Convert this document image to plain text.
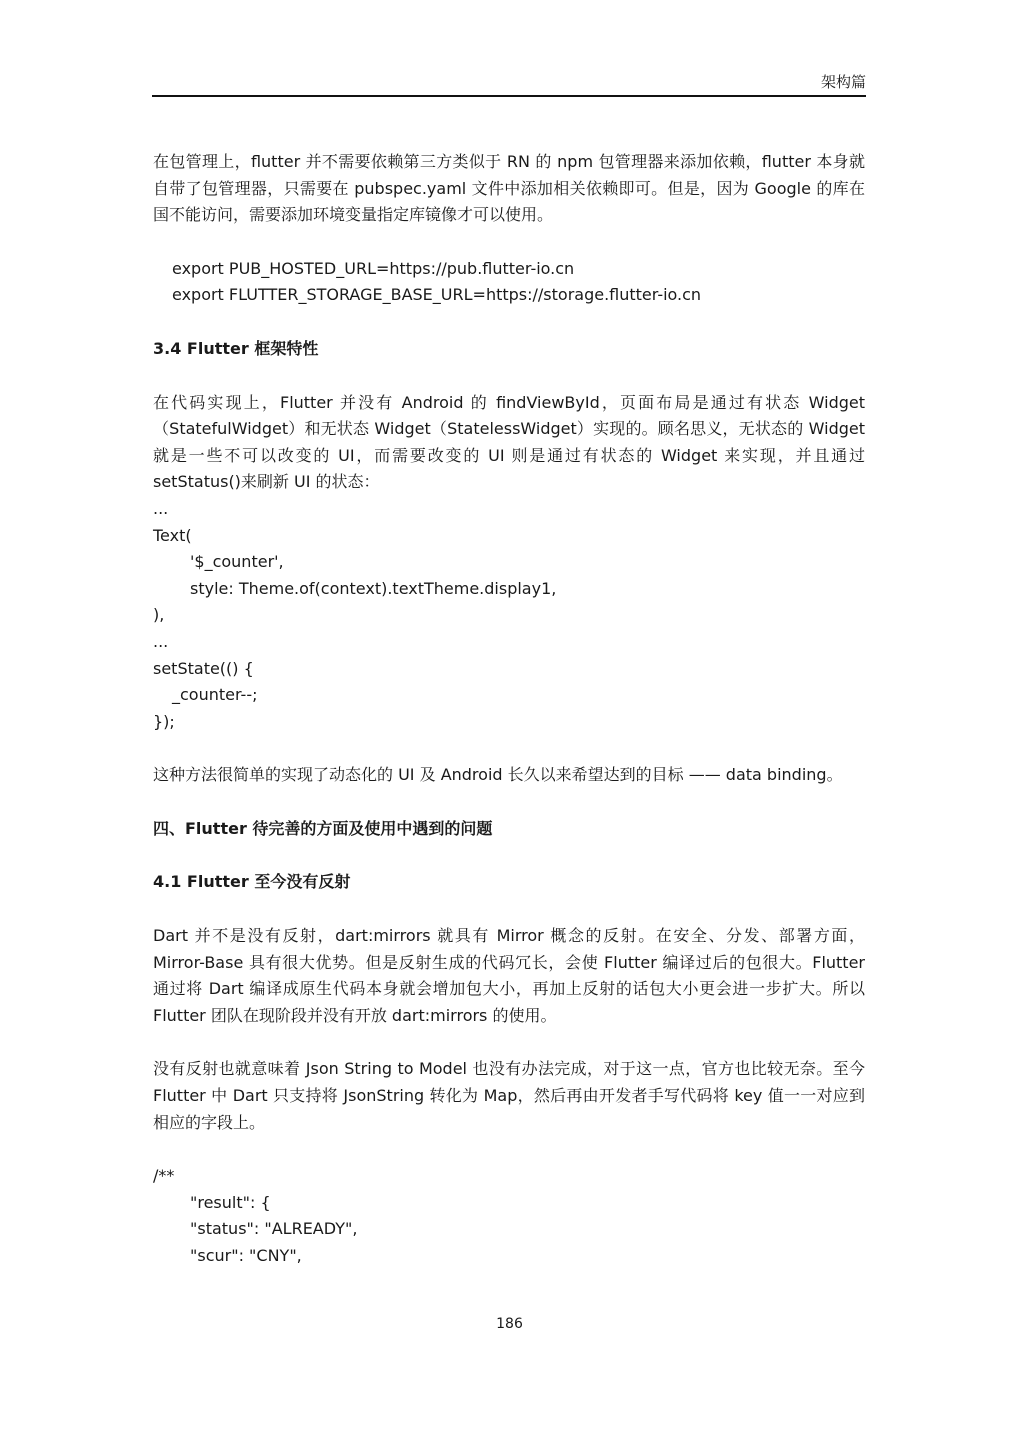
架构篇

在包管理上，flutter 并不需要依赖第三方类似于 RN 的 npm 包管理器来添加依赖，flutter 本身就自带了包管理器，只需要在 pubspec.yaml 文件中添加相关依赖即可。但是，因为 Google 的库在国不能访问，需要添加环境变量指定库镜像才可以使用。

export PUB_HOSTED_URL=https://pub.flutter-io.cn

export FLUTTER_STORAGE_BASE_URL=https://storage.flutter-io.cn

3.4 Flutter 框架特性

在代码实现上，Flutter 并没有 Android 的 findViewById，页面布局是通过有状态 Widget（StatefulWidget）和无状态 Widget（StatelessWidget）实现的。顾名思义，无状态的 Widget 就是一些不可以改变的 UI，而需要改变的 UI 则是通过有状态的 Widget 来实现，并且通过 setStatus()来刷新 UI 的状态：

...

Text(

'$_counter',

style: Theme.of(context).textTheme.display1,

),

...

setState(() {

_counter--;

});

这种方法很简单的实现了动态化的 UI 及 Android 长久以来希望达到的目标 —— data binding。

四、Flutter 待完善的方面及使用中遇到的问题

4.1 Flutter 至今没有反射

Dart 并不是没有反射，dart:mirrors 就具有 Mirror 概念的反射。在安全、分发、部署方面，Mirror-Base 具有很大优势。但是反射生成的代码冗长，会使 Flutter 编译过后的包很大。Flutter 通过将 Dart 编译成原生代码本身就会增加包大小，再加上反射的话包大小更会进一步扩大。所以 Flutter 团队在现阶段并没有开放 dart:mirrors 的使用。

没有反射也就意味着 Json String to Model 也没有办法完成，对于这一点，官方也比较无奈。至今 Flutter 中 Dart 只支持将 JsonString 转化为 Map，然后再由开发者手写代码将 key 值一一对应到相应的字段上。

/**

"result": {

"status": "ALREADY",

"scur": "CNY",

186
